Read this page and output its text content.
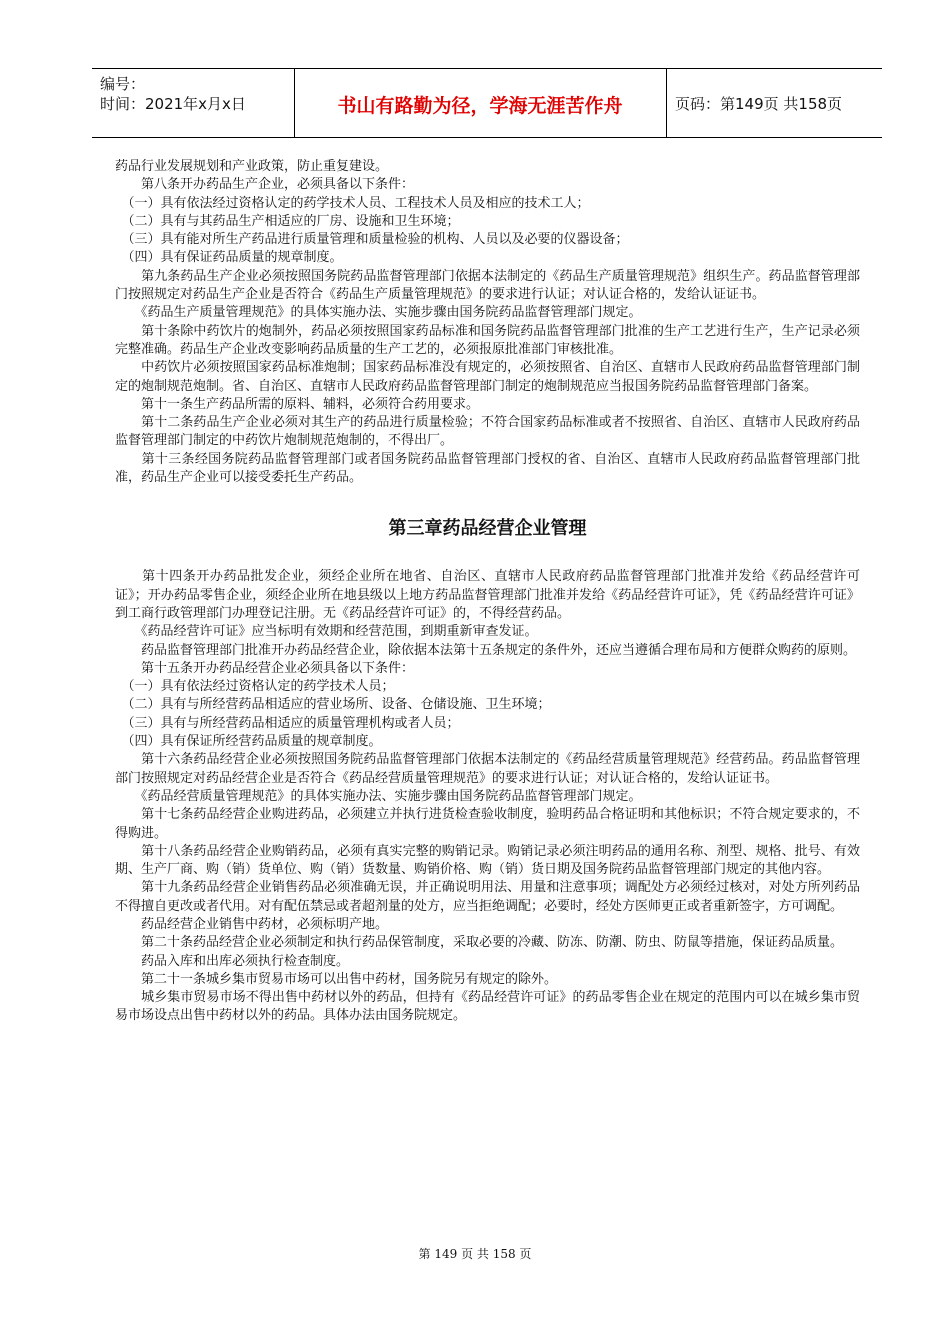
编号：
时间：2021年x月x日	书山有路勤为径，学海无涯苦作舟	页码：第149页 共158页

药品行业发展规划和产业政策，防止重复建设。

　　第八条开办药品生产企业，必须具备以下条件：

　（一）具有依法经过资格认定的药学技术人员、工程技术人员及相应的技术工人；

　（二）具有与其药品生产相适应的厂房、设施和卫生环境；

　（三）具有能对所生产药品进行质量管理和质量检验的机构、人员以及必要的仪器设备；

　（四）具有保证药品质量的规章制度。

　　第九条药品生产企业必须按照国务院药品监督管理部门依据本法制定的《药品生产质量管理规范》组织生产。药品监督管理部门按照规定对药品生产企业是否符合《药品生产质量管理规范》的要求进行认证；对认证合格的，发给认证证书。

　　《药品生产质量管理规范》的具体实施办法、实施步骤由国务院药品监督管理部门规定。

　　第十条除中药饮片的炮制外，药品必须按照国家药品标准和国务院药品监督管理部门批准的生产工艺进行生产，生产记录必须完整准确。药品生产企业改变影响药品质量的生产工艺的，必须报原批准部门审核批准。

　　中药饮片必须按照国家药品标准炮制；国家药品标准没有规定的，必须按照省、自治区、直辖市人民政府药品监督管理部门制定的炮制规范炮制。省、自治区、直辖市人民政府药品监督管理部门制定的炮制规范应当报国务院药品监督管理部门备案。

　　第十一条生产药品所需的原料、辅料，必须符合药用要求。

　　第十二条药品生产企业必须对其生产的药品进行质量检验；不符合国家药品标准或者不按照省、自治区、直辖市人民政府药品监督管理部门制定的中药饮片炮制规范炮制的，不得出厂。

　　第十三条经国务院药品监督管理部门或者国务院药品监督管理部门授权的省、自治区、直辖市人民政府药品监督管理部门批准，药品生产企业可以接受委托生产药品。

第三章药品经营企业管理

　　第十四条开办药品批发企业，须经企业所在地省、自治区、直辖市人民政府药品监督管理部门批准并发给《药品经营许可证》；开办药品零售企业，须经企业所在地县级以上地方药品监督管理部门批准并发给《药品经营许可证》，凭《药品经营许可证》到工商行政管理部门办理登记注册。无《药品经营许可证》的，不得经营药品。

　　《药品经营许可证》应当标明有效期和经营范围，到期重新审查发证。

　　药品监督管理部门批准开办药品经营企业，除依据本法第十五条规定的条件外，还应当遵循合理布局和方便群众购药的原则。

　　第十五条开办药品经营企业必须具备以下条件：

　（一）具有依法经过资格认定的药学技术人员；

　（二）具有与所经营药品相适应的营业场所、设备、仓储设施、卫生环境；

　（三）具有与所经营药品相适应的质量管理机构或者人员；

　（四）具有保证所经营药品质量的规章制度。

　　第十六条药品经营企业必须按照国务院药品监督管理部门依据本法制定的《药品经营质量管理规范》经营药品。药品监督管理部门按照规定对药品经营企业是否符合《药品经营质量管理规范》的要求进行认证；对认证合格的，发给认证证书。

　　《药品经营质量管理规范》的具体实施办法、实施步骤由国务院药品监督管理部门规定。

　　第十七条药品经营企业购进药品，必须建立并执行进货检查验收制度，验明药品合格证明和其他标识；不符合规定要求的，不得购进。

　　第十八条药品经营企业购销药品，必须有真实完整的购销记录。购销记录必须注明药品的通用名称、剂型、规格、批号、有效期、生产厂商、购（销）货单位、购（销）货数量、购销价格、购（销）货日期及国务院药品监督管理部门规定的其他内容。

　　第十九条药品经营企业销售药品必须准确无误，并正确说明用法、用量和注意事项；调配处方必须经过核对，对处方所列药品不得擅自更改或者代用。对有配伍禁忌或者超剂量的处方，应当拒绝调配；必要时，经处方医师更正或者重新签字，方可调配。

　　药品经营企业销售中药材，必须标明产地。

　　第二十条药品经营企业必须制定和执行药品保管制度，采取必要的冷藏、防冻、防潮、防虫、防鼠等措施，保证药品质量。

　　药品入库和出库必须执行检查制度。

　　第二十一条城乡集市贸易市场可以出售中药材，国务院另有规定的除外。

　　城乡集市贸易市场不得出售中药材以外的药品，但持有《药品经营许可证》的药品零售企业在规定的范围内可以在城乡集市贸易市场设点出售中药材以外的药品。具体办法由国务院规定。

第 149 页 共 158 页
